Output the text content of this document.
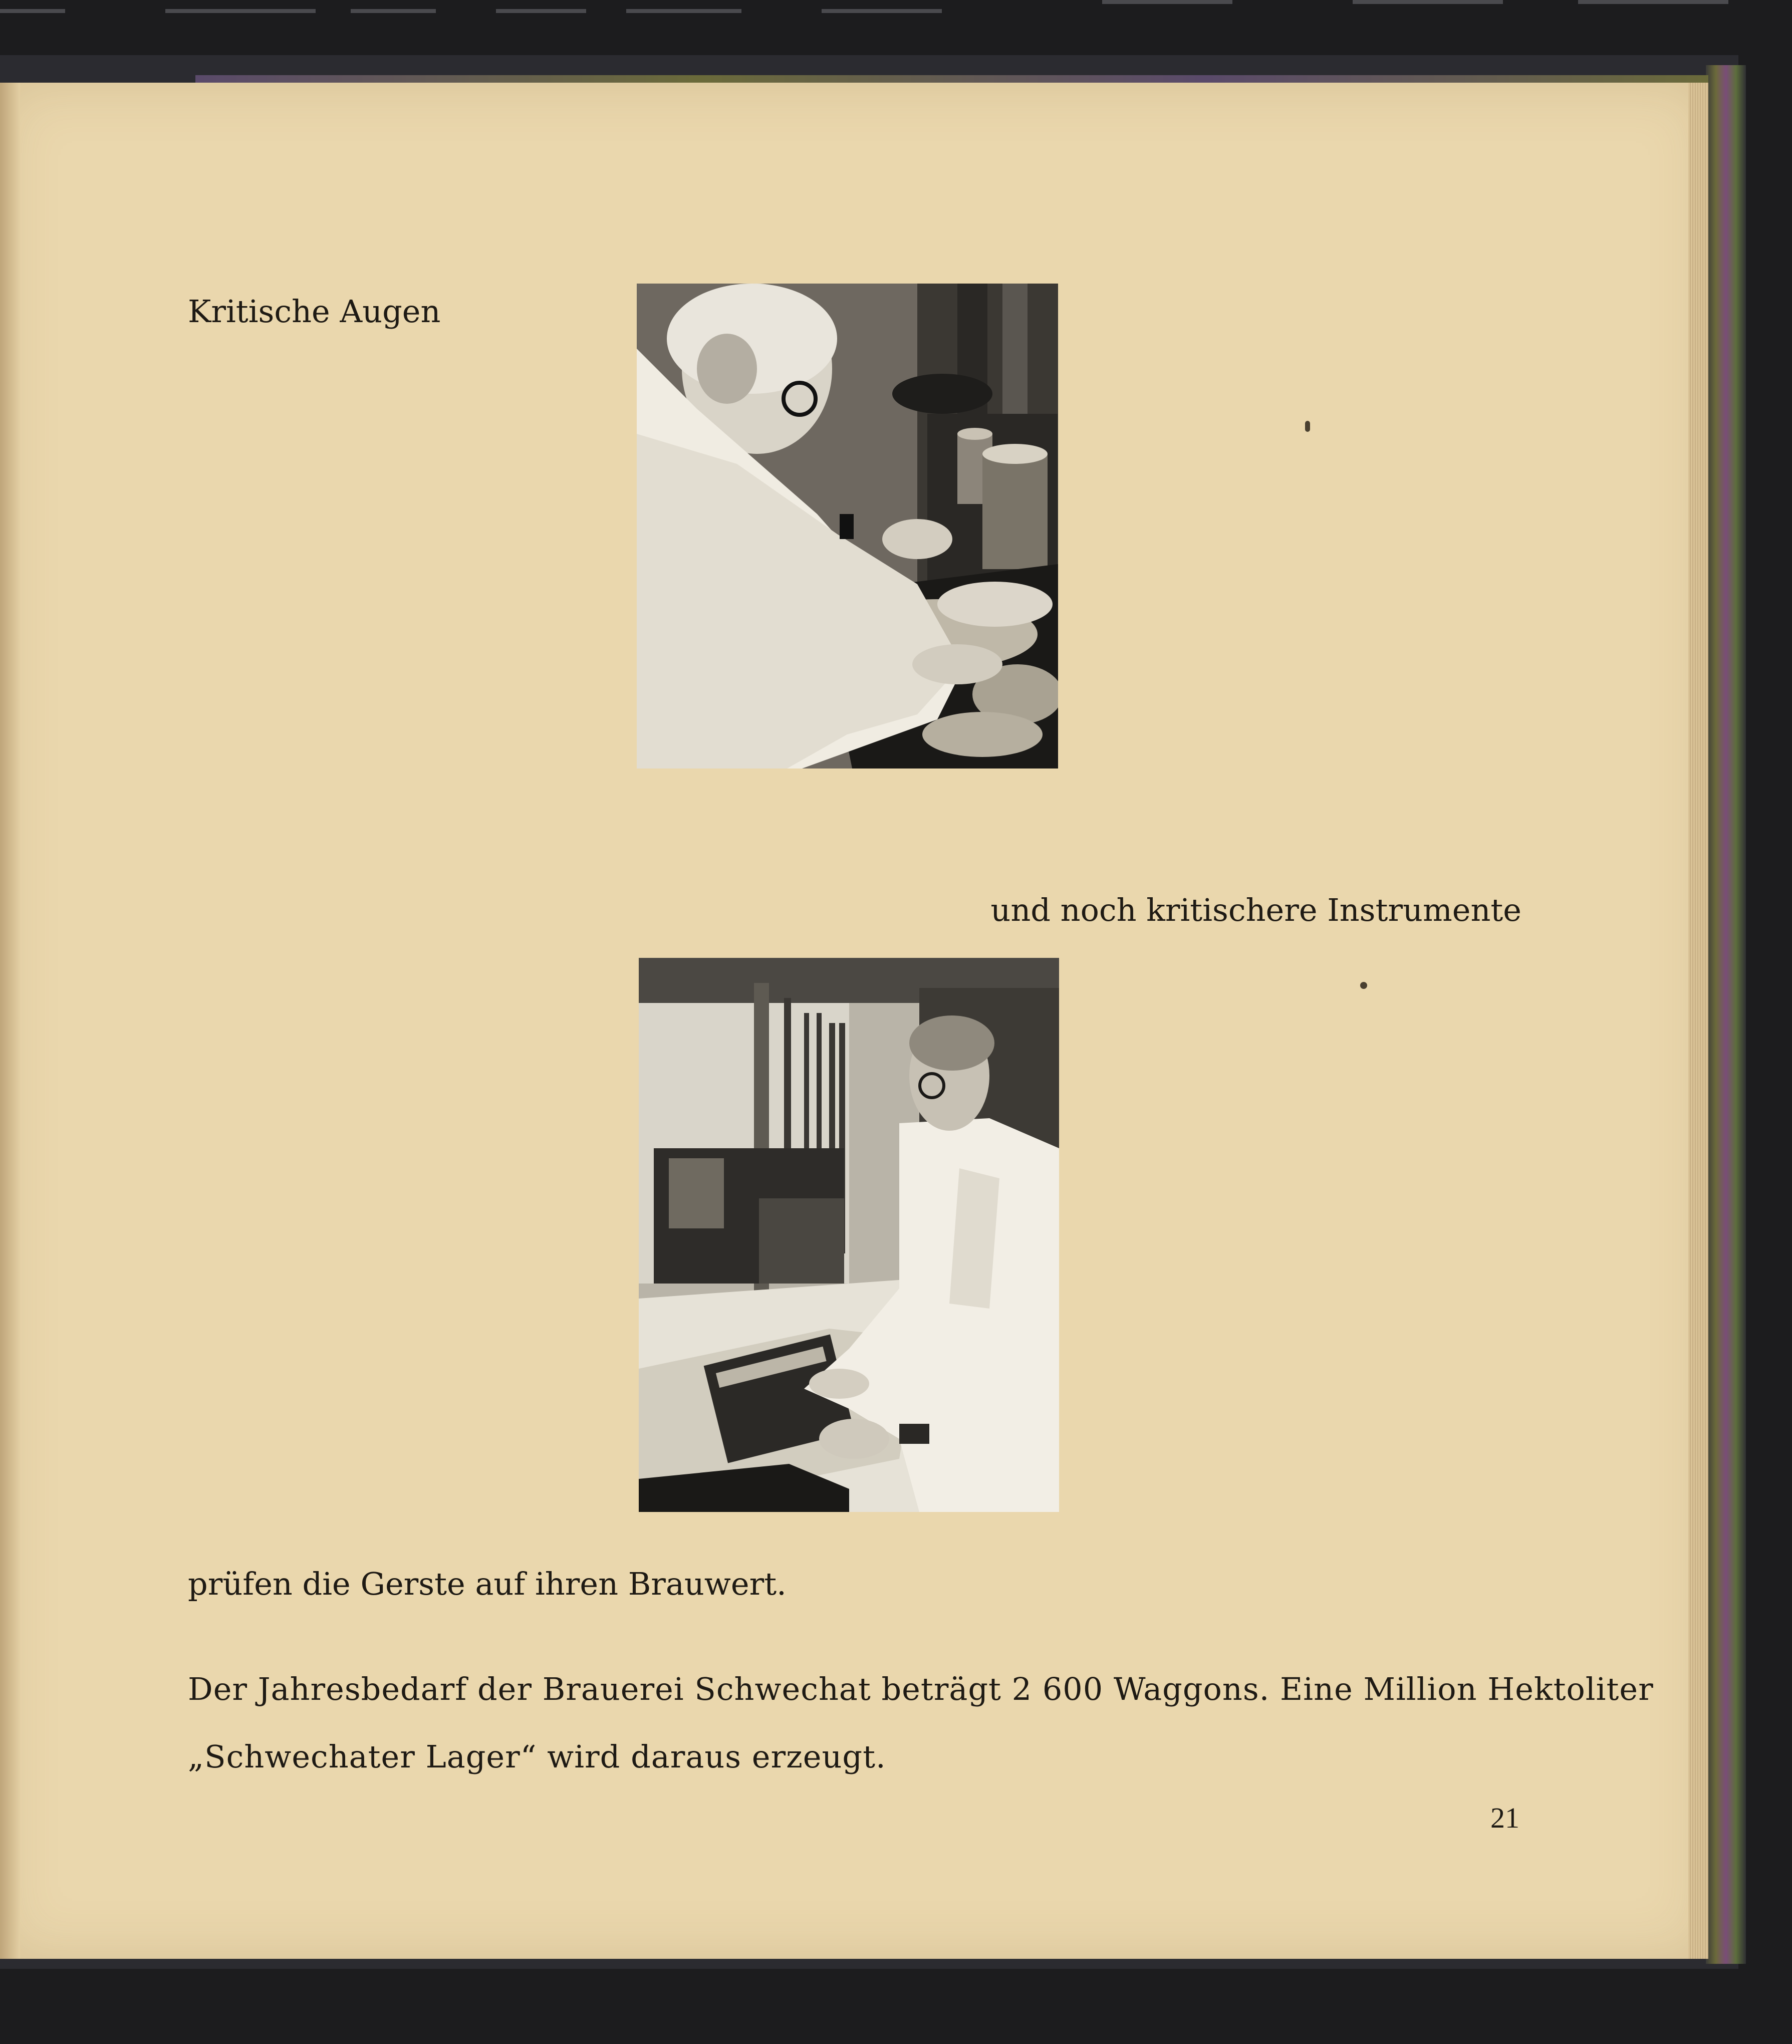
Kritische Augen
und noch kritischere Instrumente
prüfen die Gerste auf ihren Brauwert.
Der Jahresbedarf der Brauerei Schwechat beträgt 2 600 Waggons. Eine Million Hektoliter
„Schwechater Lager“ wird daraus erzeugt.
21
